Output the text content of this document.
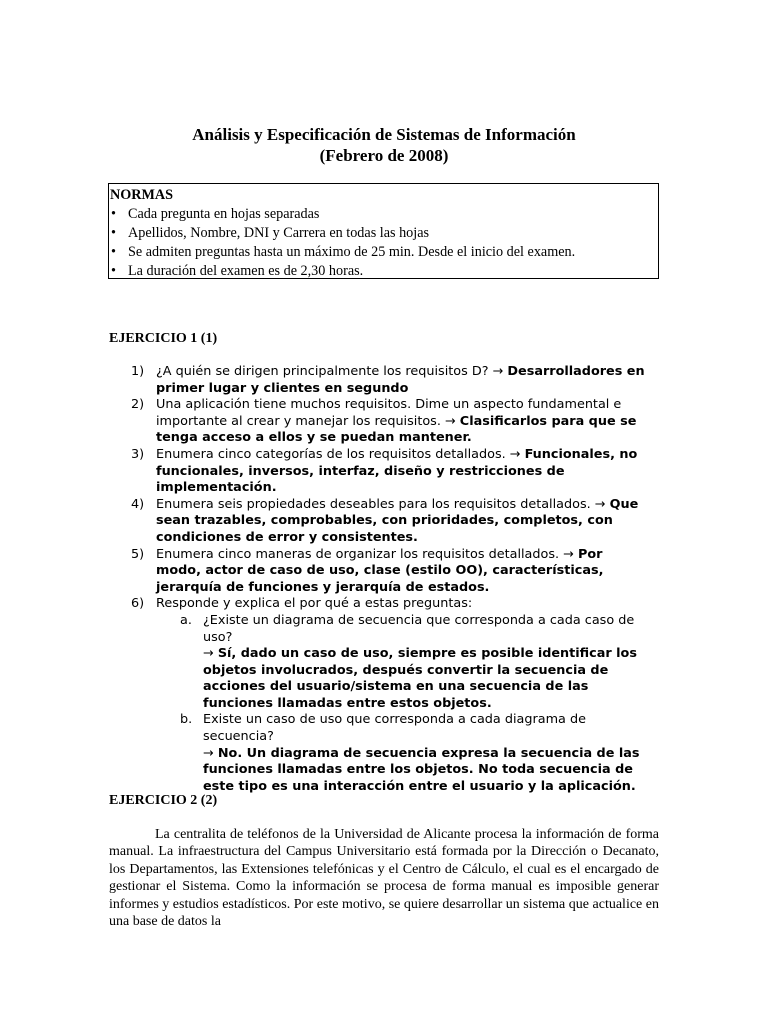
Análisis y Especificación de Sistemas de Información
(Febrero de 2008)
NORMAS
• Cada pregunta en hojas separadas
• Apellidos, Nombre, DNI y Carrera en todas las hojas
• Se admiten preguntas hasta un máximo de 25 min. Desde el inicio del examen.
• La duración del examen es de 2,30 horas.
EJERCICIO 1 (1)
1) ¿A quién se dirigen principalmente los requisitos D? → Desarrolladores en primer lugar y clientes en segundo
2) Una aplicación tiene muchos requisitos. Dime un aspecto fundamental e importante al crear y manejar los requisitos. → Clasificarlos para que se tenga acceso a ellos y se puedan mantener.
3) Enumera cinco categorías de los requisitos detallados. → Funcionales, no funcionales, inversos, interfaz, diseño y restricciones de implementación.
4) Enumera seis propiedades deseables para los requisitos detallados. → Que sean trazables, comprobables, con prioridades, completos, con condiciones de error y consistentes.
5) Enumera cinco maneras de organizar los requisitos detallados. → Por modo, actor de caso de uso, clase (estilo OO), características, jerarquía de funciones y jerarquía de estados.
6) Responde y explica el por qué a estas preguntas:
a. ¿Existe un diagrama de secuencia que corresponda a cada caso de uso?
→ Sí, dado un caso de uso, siempre es posible identificar los objetos involucrados, después convertir la secuencia de acciones del usuario/sistema en una secuencia de las funciones llamadas entre estos objetos.
b. Existe un caso de uso que corresponda a cada diagrama de secuencia?
→ No. Un diagrama de secuencia expresa la secuencia de las funciones llamadas entre los objetos. No toda secuencia de este tipo es una interacción entre el usuario y la aplicación.
EJERCICIO 2 (2)

La centralita de teléfonos de la Universidad de Alicante procesa la información de forma manual. La infraestructura del Campus Universitario está formada por la Dirección o Decanato, los Departamentos, las Extensiones telefónicas y el Centro de Cálculo, el cual es el encargado de gestionar el Sistema. Como la información se procesa de forma manual es imposible generar informes y estudios estadísticos. Por este motivo, se quiere desarrollar un sistema que actualice en una base de datos la
